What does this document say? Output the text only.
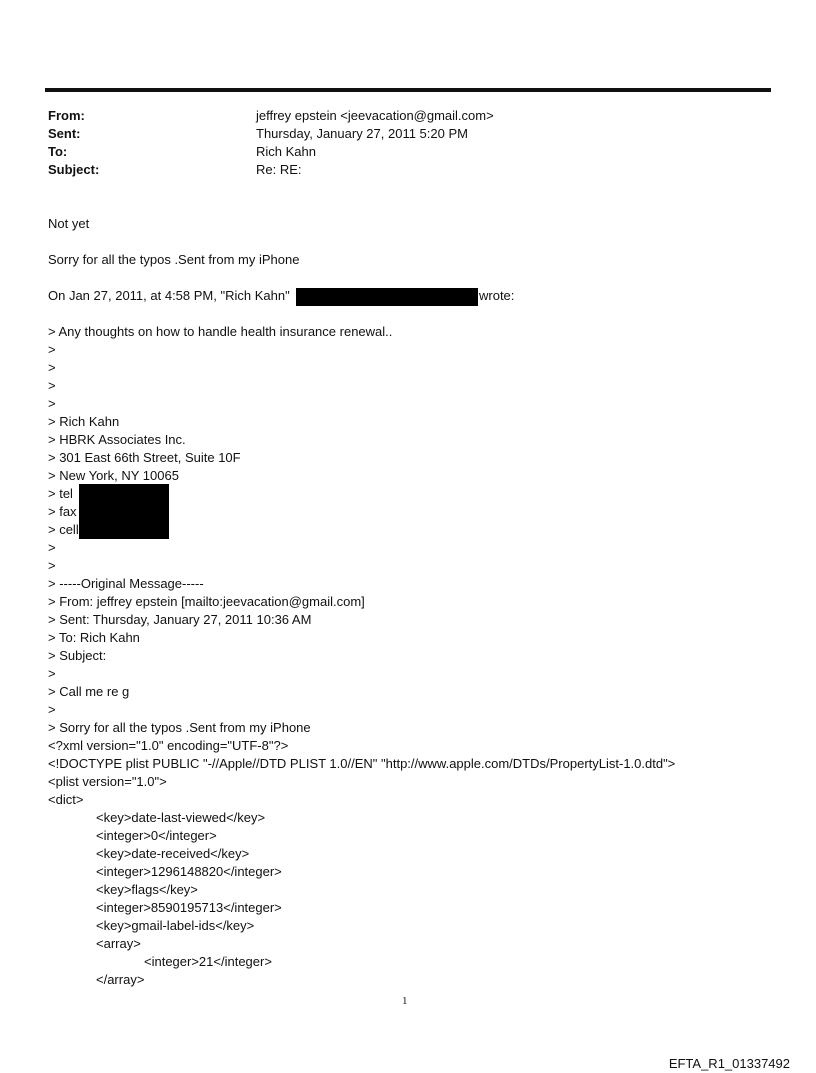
From:	jeffrey epstein <jeevacation@gmail.com>
Sent:	Thursday, January 27, 2011 5:20 PM
To:	Rich Kahn
Subject:	Re: RE:
Not yet
Sorry for all the typos .Sent from my iPhone
On Jan 27, 2011, at 4:58 PM, "Rich Kahn"	wrote:
> Any thoughts on how to handle health insurance renewal..
>
>
>
>
> Rich Kahn
> HBRK Associates Inc.
> 301 East 66th Street, Suite 10F
> New York, NY 10065
> tel
> fax
> cell
>
>
> -----Original Message-----
> From: jeffrey epstein [mailto:jeevacation@gmail.com]
> Sent: Thursday, January 27, 2011 10:36 AM
> To: Rich Kahn
> Subject:
>
> Call me re g
>
> Sorry for all the typos .Sent from my iPhone
<?xml version="1.0" encoding="UTF-8"?>
<!DOCTYPE plist PUBLIC "-//Apple//DTD PLIST 1.0//EN" "http://www.apple.com/DTDs/PropertyList-1.0.dtd">
<plist version="1.0">
<dict>
<key>date-last-viewed</key>
<integer>0</integer>
<key>date-received</key>
<integer>1296148820</integer>
<key>flags</key>
<integer>8590195713</integer>
<key>gmail-label-ids</key>
<array>
<integer>21</integer>
</array>
1
EFTA_R1_01337492
